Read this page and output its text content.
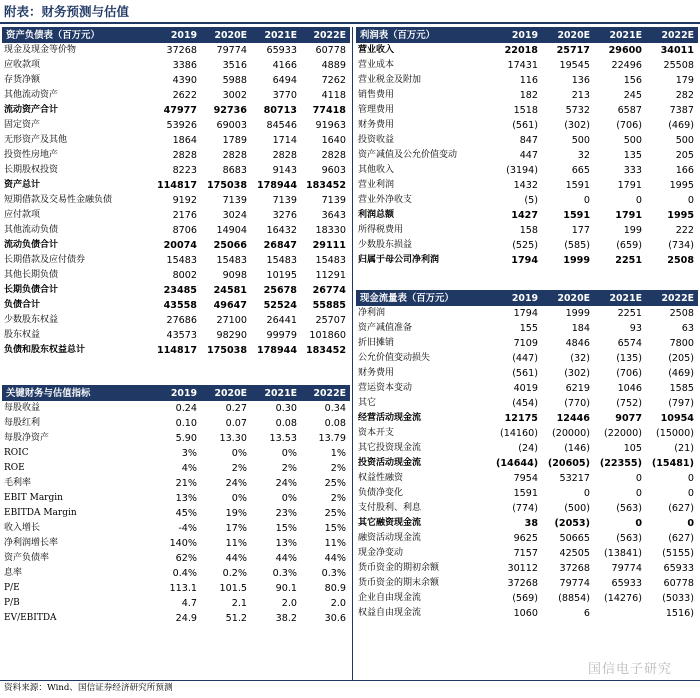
附表：财务预测与估值
资产负债表（百万元）	2019	2020E	2021E	2022E
现金及现金等价物	37268	79774	65933	60778
应收款项	3386	3516	4166	4889
存货净额	4390	5988	6494	7262
其他流动资产	2622	3002	3770	4118
流动资产合计	47977	92736	80713	77418
固定资产	53926	69003	84546	91963
无形资产及其他	1864	1789	1714	1640
投资性房地产	2828	2828	2828	2828
长期股权投资	8223	8683	9143	9603
资产总计	114817	175038	178944	183452
短期借款及交易性金融负债	9192	7139	7139	7139
应付款项	2176	3024	3276	3643
其他流动负债	8706	14904	16432	18330
流动负债合计	20074	25066	26847	29111
长期借款及应付债券	15483	15483	15483	15483
其他长期负债	8002	9098	10195	11291
长期负债合计	23485	24581	25678	26774
负债合计	43558	49647	52524	55885
少数股东权益	27686	27100	26441	25707
股东权益	43573	98290	99979	101860
负债和股东权益总计	114817	175038	178944	183452
关键财务与估值指标	2019	2020E	2021E	2022E
每股收益	0.24	0.27	0.30	0.34
每股红利	0.10	0.07	0.08	0.08
每股净资产	5.90	13.30	13.53	13.79
ROIC	3%	0%	0%	1%
ROE	4%	2%	2%	2%
毛利率	21%	24%	24%	25%
EBIT Margin	13%	0%	0%	2%
EBITDA Margin	45%	19%	23%	25%
收入增长	-4%	17%	15%	15%
净利润增长率	140%	11%	13%	11%
资产负债率	62%	44%	44%	44%
息率	0.4%	0.2%	0.3%	0.3%
P/E	113.1	101.5	90.1	80.9
P/B	4.7	2.1	2.0	2.0
EV/EBITDA	24.9	51.2	38.2	30.6
利润表（百万元）	2019	2020E	2021E	2022E
营业收入	22018	25717	29600	34011
营业成本	17431	19545	22496	25508
营业税金及附加	116	136	156	179
销售费用	182	213	245	282
管理费用	1518	5732	6587	7387
财务费用	(561)	(302)	(706)	(469)
投资收益	847	500	500	500
资产减值及公允价值变动	447	32	135	205
其他收入	(3194)	665	333	166
营业利润	1432	1591	1791	1995
营业外净收支	(5)	0	0	0
利润总额	1427	1591	1791	1995
所得税费用	158	177	199	222
少数股东损益	(525)	(585)	(659)	(734)
归属于母公司净利润	1794	1999	2251	2508
现金流量表（百万元）	2019	2020E	2021E	2022E
净利润	1794	1999	2251	2508
资产减值准备	155	184	93	63
折旧摊销	7109	4846	6574	7800
公允价值变动损失	(447)	(32)	(135)	(205)
财务费用	(561)	(302)	(706)	(469)
营运资本变动	4019	6219	1046	1585
其它	(454)	(770)	(752)	(797)
经营活动现金流	12175	12446	9077	10954
资本开支	(14160)	(20000)	(22000)	(15000)
其它投资现金流	(24)	(146)	105	(21)
投资活动现金流	(14644)	(20605)	(22355)	(15481)
权益性融资	7954	53217	0	0
负债净变化	1591	0	0	0
支付股利、利息	(774)	(500)	(563)	(627)
其它融资现金流	38	(2053)	0	0
融资活动现金流	9625	50665	(563)	(627)
现金净变动	7157	42505	(13841)	(5155)
货币资金的期初余额	30112	37268	79774	65933
货币资金的期末余额	37268	79774	65933	60778
企业自由现金流	(569)	(8854)	(14276)	(5033)
权益自由现金流	1060	6		1516)
资料来源：Wind、国信证券经济研究所预测
国信电子研究
